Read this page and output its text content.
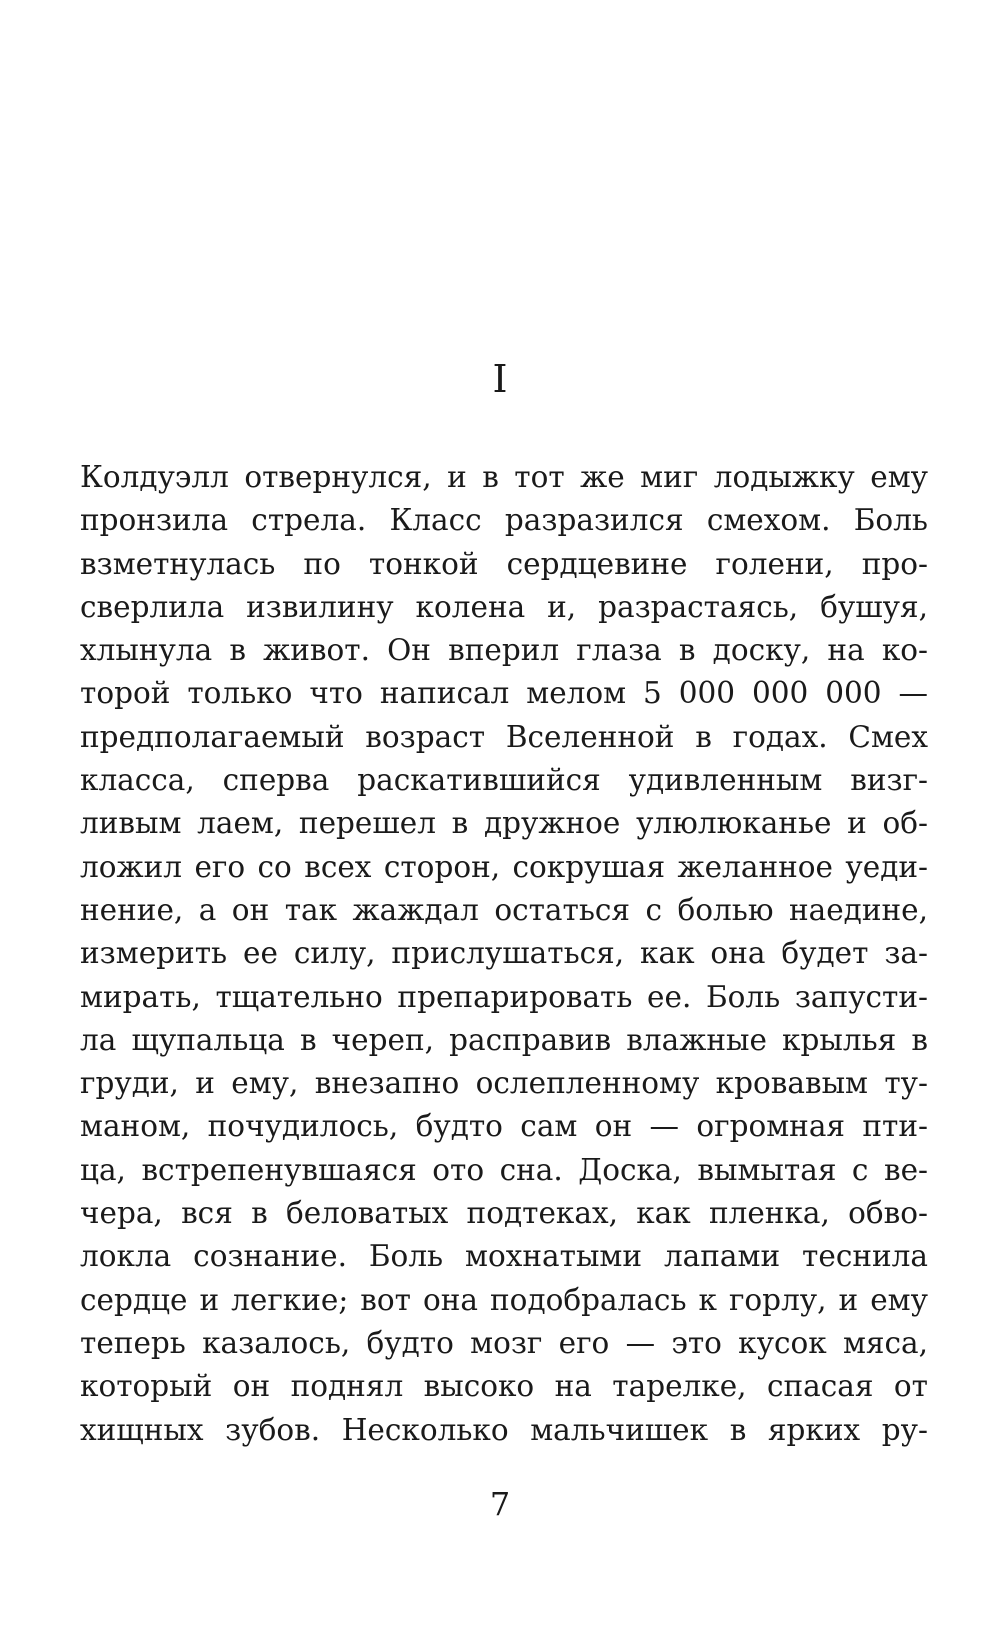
I
Колдуэлл отвернулся, и в тот же миг лодыжку ему
пронзила стрела. Класс разразился смехом. Боль
взметнулась по тонкой сердцевине голени, про-
сверлила извилину колена и, разрастаясь, бушуя,
хлынула в живот. Он вперил глаза в доску, на ко-
торой только что написал мелом 5 000 000 000 —
предполагаемый возраст Вселенной в годах. Смех
класса, сперва раскатившийся удивленным визг-
ливым лаем, перешел в дружное улюлюканье и об-
ложил его со всех сторон, сокрушая желанное уеди-
нение, а он так жаждал остаться с болью наедине,
измерить ее силу, прислушаться, как она будет за-
мирать, тщательно препарировать ее. Боль запусти-
ла щупальца в череп, расправив влажные крылья в
груди, и ему, внезапно ослепленному кровавым ту-
маном, почудилось, будто сам он — огромная пти-
ца, встрепенувшаяся ото сна. Доска, вымытая с ве-
чера, вся в беловатых подтеках, как пленка, обво-
локла сознание. Боль мохнатыми лапами теснила
сердце и легкие; вот она подобралась к горлу, и ему
теперь казалось, будто мозг его — это кусок мяса,
который он поднял высоко на тарелке, спасая от
хищных зубов. Несколько мальчишек в ярких ру-
7
